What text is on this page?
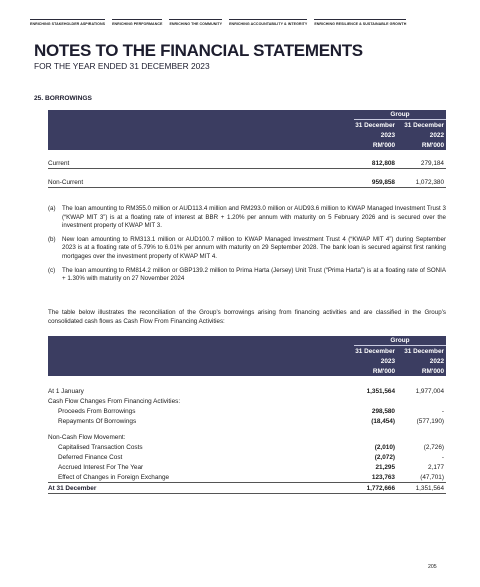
ENRICHING STAKEHOLDER ASPIRATIONS ENRICHING PERFORMANCE ENRICHING THE COMMUNITY ENRICHING ACCOUNTABILITY & INTEGRITY ENRICHING RESILIENCE & SUSTAINABLE GROWTH
NOTES TO THE FINANCIAL STATEMENTS

FOR THE YEAR ENDED 31 DECEMBER 2023

25. BORROWINGS

	Group	
	31 December	31 December
	2023	2022
	RM'000	RM'000

Current	812,808	279,184

Non-Current	959,858	1,072,380
(a)	The loan amounting to RM355.0 million or AUD113.4 million and RM293.0 million or AUD93.6 million to KWAP Managed Investment Trust 3 (“KWAP MIT 3”) is at a floating rate of interest at BBR + 1.20% per annum with maturity on 5 February 2026 and is secured over the investment property of KWAP MIT 3.
(b)	New loan amounting to RM313.1 million or AUD100.7 million to KWAP Managed Investment Trust 4 (“KWAP MIT 4”) during September 2023 is at a floating rate of 5.79% to 6.01% per annum with maturity on 29 September 2028. The bank loan is secured against first ranking mortgages over the investment property of KWAP MIT 4.
(c)	The loan amounting to RM814.2 million or GBP139.2 million to Prima Harta (Jersey) Unit Trust (“Prima Harta”) is at a floating rate of SONIA + 1.30% with maturity on 27 November 2024

The table below illustrates the reconciliation of the Group’s borrowings arising from financing activities and are classified in the Group’s consolidated cash flows as Cash Flow From Financing Activities:

	Group	
	31 December	31 December
	2023	2022
	RM'000	RM'000

At 1 January	1,351,564	1,977,004
Cash Flow Changes From Financing Activities:		
Proceeds From Borrowings	298,580	-
Repayments Of Borrowings	(18,454)	(577,190)

Non-Cash Flow Movement:		
Capitalised Transaction Costs	(2,010)	(2,726)
Deferred Finance Cost	(2,072)	-
Accrued Interest For The Year	21,295	2,177
Effect of Changes in Foreign Exchange	123,763	(47,701)
At 31 December	1,772,666	1,351,564
205
